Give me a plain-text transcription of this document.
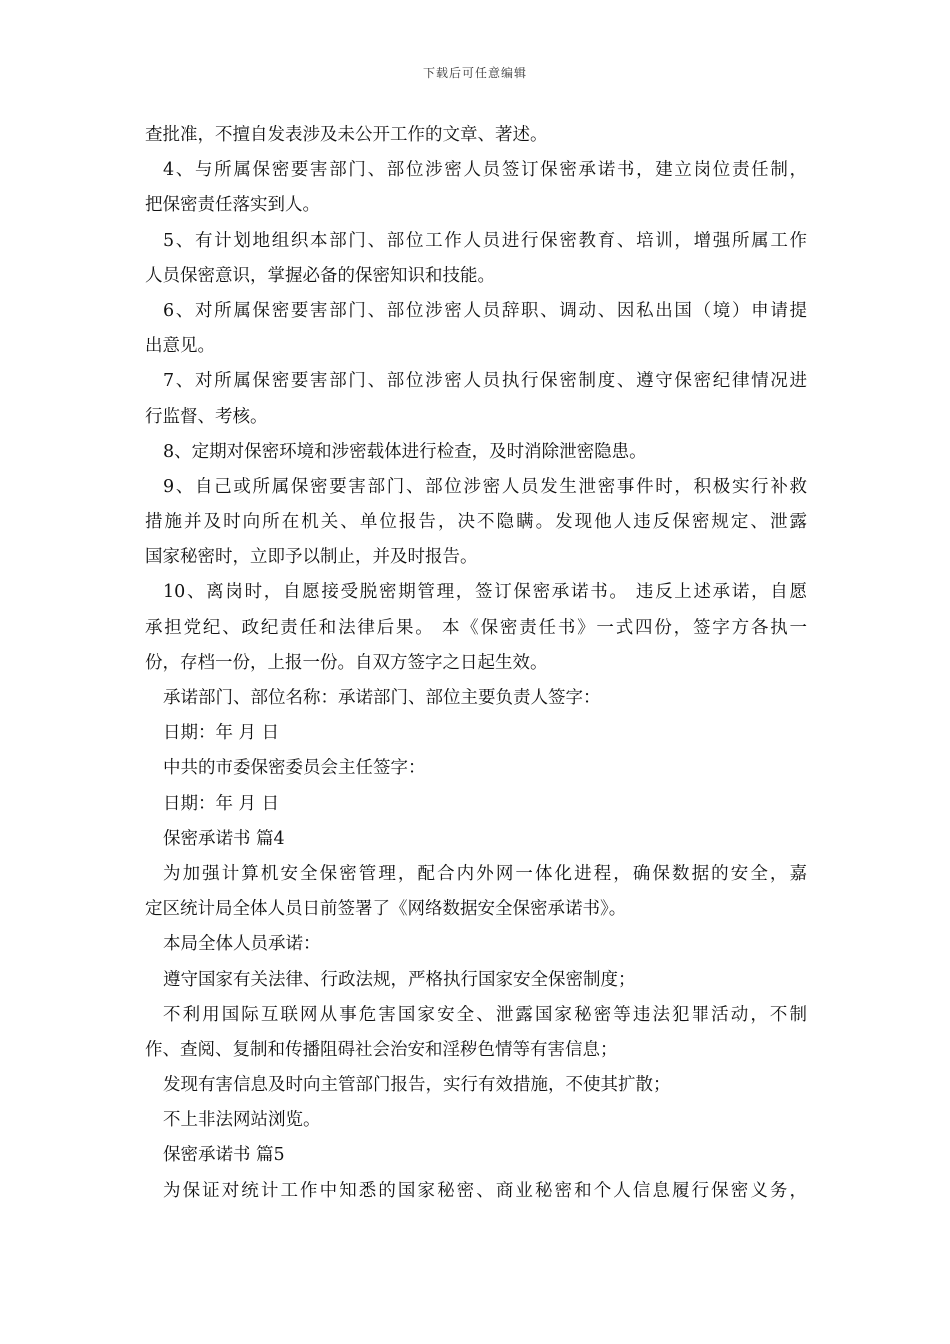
下载后可任意编辑
查批准，不擅自发表涉及未公开工作的文章、著述。
4、与所属保密要害部门、部位涉密人员签订保密承诺书，建立岗位责任制，
把保密责任落实到人。
5、有计划地组织本部门、部位工作人员进行保密教育、培训，增强所属工作
人员保密意识，掌握必备的保密知识和技能。
6、对所属保密要害部门、部位涉密人员辞职、调动、因私出国（境）申请提
出意见。
7、对所属保密要害部门、部位涉密人员执行保密制度、遵守保密纪律情况进
行监督、考核。
8、定期对保密环境和涉密载体进行检查，及时消除泄密隐患。
9、自己或所属保密要害部门、部位涉密人员发生泄密事件时，积极实行补救
措施并及时向所在机关、单位报告，决不隐瞒。发现他人违反保密规定、泄露
国家秘密时，立即予以制止，并及时报告。
10、离岗时，自愿接受脱密期管理，签订保密承诺书。 违反上述承诺，自愿
承担党纪、政纪责任和法律后果。 本《保密责任书》一式四份，签字方各执一
份，存档一份，上报一份。自双方签字之日起生效。
承诺部门、部位名称：承诺部门、部位主要负责人签字：
日期：年 月 日
中共的市委保密委员会主任签字：
日期：年 月 日
保密承诺书 篇4
为加强计算机安全保密管理，配合内外网一体化进程，确保数据的安全，嘉
定区统计局全体人员日前签署了《网络数据安全保密承诺书》。
本局全体人员承诺：
遵守国家有关法律、行政法规，严格执行国家安全保密制度；
不利用国际互联网从事危害国家安全、泄露国家秘密等违法犯罪活动，不制
作、查阅、复制和传播阻碍社会治安和淫秽色情等有害信息；
发现有害信息及时向主管部门报告，实行有效措施，不使其扩散；
不上非法网站浏览。
保密承诺书 篇5
为保证对统计工作中知悉的国家秘密、商业秘密和个人信息履行保密义务，
